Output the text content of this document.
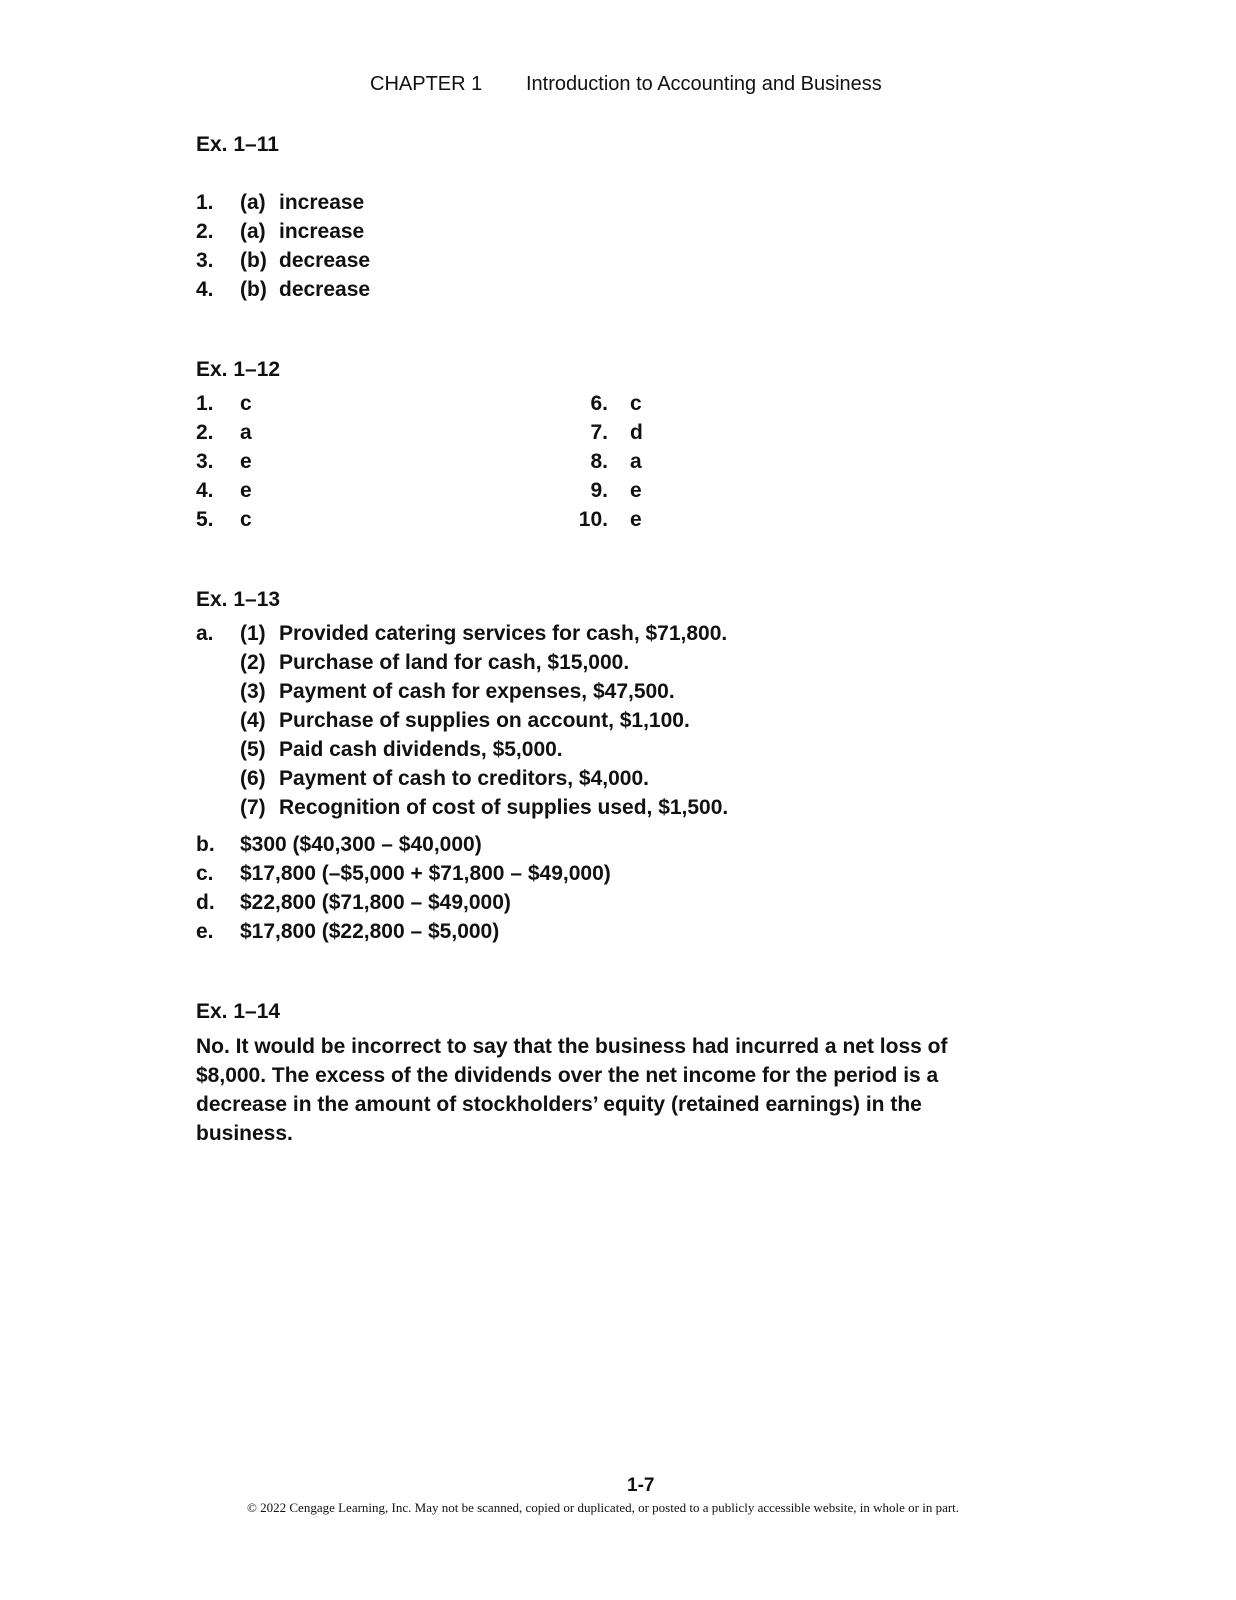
CHAPTER 1 Introduction to Accounting and Business
Ex. 1–11
1. (a) increase
2. (a) increase
3. (b) decrease
4. (b) decrease
Ex. 1–12
1. c
2. a
3. e
4. e
5. c
6. c
7. d
8. a
9. e
10. e
Ex. 1–13
a. (1) Provided catering services for cash, $71,800.
(2) Purchase of land for cash, $15,000.
(3) Payment of cash for expenses, $47,500.
(4) Purchase of supplies on account, $1,100.
(5) Paid cash dividends, $5,000.
(6) Payment of cash to creditors, $4,000.
(7) Recognition of cost of supplies used, $1,500.
b. $300 ($40,300 – $40,000)
c. $17,800 (–$5,000 + $71,800 – $49,000)
d. $22,800 ($71,800 – $49,000)
e. $17,800 ($22,800 – $5,000)
Ex. 1–14
No. It would be incorrect to say that the business had incurred a net loss of $8,000. The excess of the dividends over the net income for the period is a decrease in the amount of stockholders’ equity (retained earnings) in the business.
1-7
© 2022 Cengage Learning, Inc. May not be scanned, copied or duplicated, or posted to a publicly accessible website, in whole or in part.
